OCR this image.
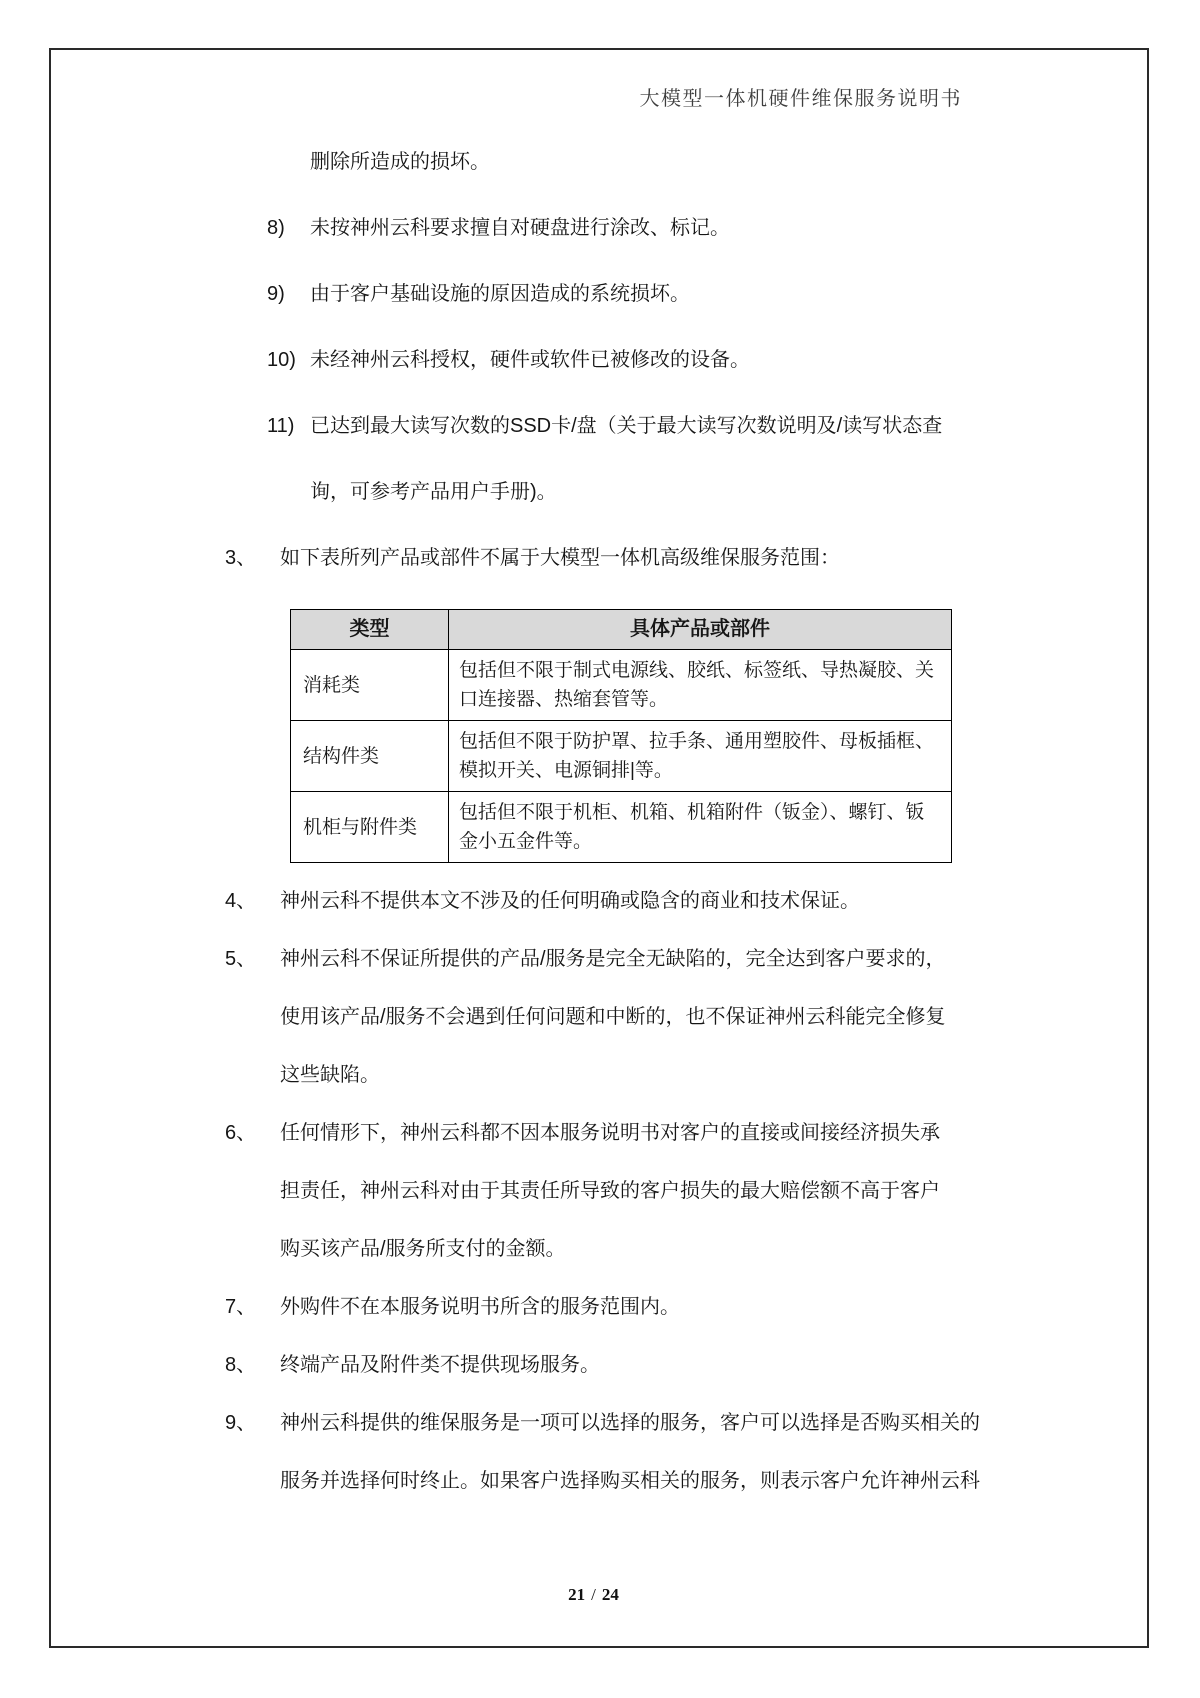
大模型一体机硬件维保服务说明书
删除所造成的损坏。
8)	未按神州云科要求擅自对硬盘进行涂改、标记。
9)	由于客户基础设施的原因造成的系统损坏。
10) 未经神州云科授权，硬件或软件已被修改的设备。
11) 已达到最大读写次数的SSD卡/盘（关于最大读写次数说明及/读写状态查
询，可参考产品用户手册)。
3、	如下表所列产品或部件不属于大模型一体机高级维保服务范围：
类型	具体产品或部件
消耗类	包括但不限于制式电源线、胶纸、标签纸、导热凝胶、关口连接器、热缩套管等。
结构件类	包括但不限于防护罩、拉手条、通用塑胶件、母板插框、模拟开关、电源铜排|等。
机柜与附件类	包括但不限于机柜、机箱、机箱附件（钣金）、螺钉、钣金小五金件等。
4、	神州云科不提供本文不涉及的任何明确或隐含的商业和技术保证。
5、	神州云科不保证所提供的产品/服务是完全无缺陷的，完全达到客户要求的，
使用该产品/服务不会遇到任何问题和中断的，也不保证神州云科能完全修复
这些缺陷。
6、	任何情形下，神州云科都不因本服务说明书对客户的直接或间接经济损失承
担责任，神州云科对由于其责任所导致的客户损失的最大赔偿额不高于客户
购买该产品/服务所支付的金额。
7、	外购件不在本服务说明书所含的服务范围内。
8、	终端产品及附件类不提供现场服务。
9、	神州云科提供的维保服务是一项可以选择的服务，客户可以选择是否购买相关的
服务并选择何时终止。如果客户选择购买相关的服务，则表示客户允许神州云科
21 / 24
